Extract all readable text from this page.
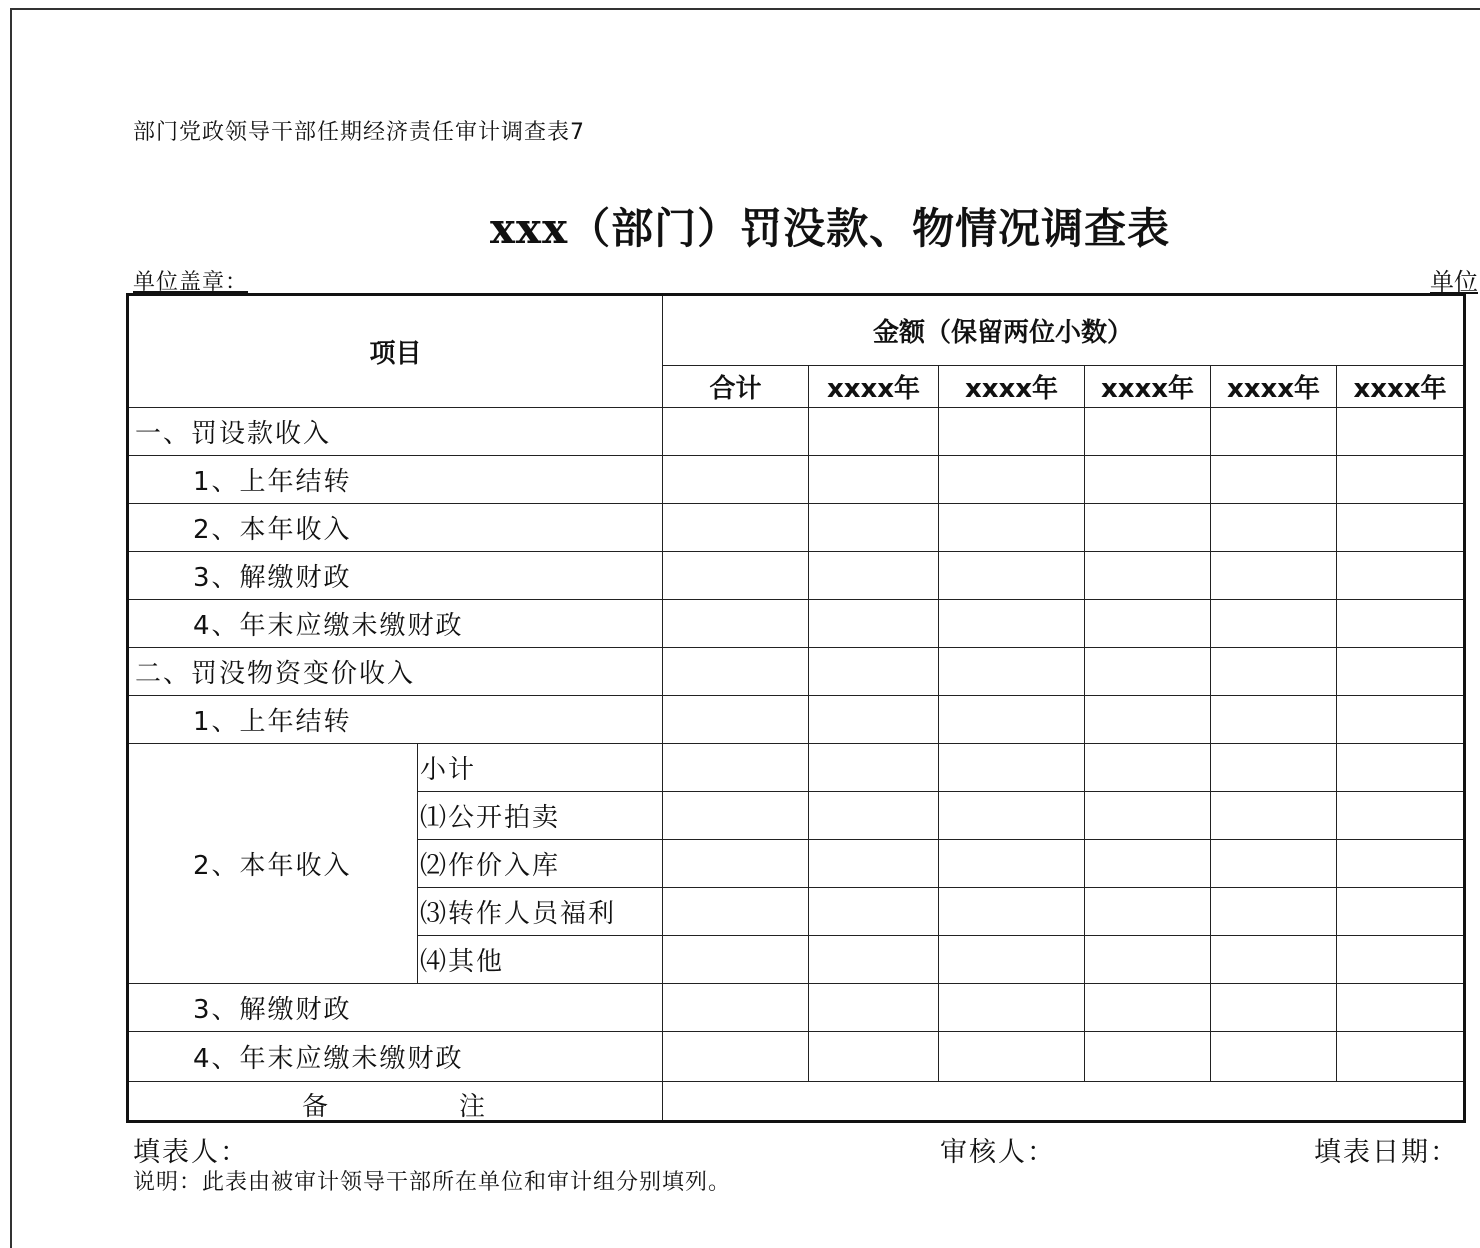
部门党政领导干部任期经济责任审计调查表7
xxx（部门）罚没款、物情况调查表
单位盖章：	单位
项目		金额（保留两位小数）					
		合计	xxxx年	xxxx年	xxxx年	xxxx年	xxxx年
一、罚设款收入							
1、上年结转							
2、本年收入							
3、解缴财政							
4、年末应缴未缴财政							
二、罚没物资变价收入							
1、上年结转							
2、本年收入	小计						
	⑴公开拍卖						
	⑵作价入库						
	⑶转作人员福利						
	⑷其他						
3、解缴财政							
4、年末应缴未缴财政							

备 注							

填表人：	审核人：	填表日期：
说明：此表由被审计领导干部所在单位和审计组分别填列。
